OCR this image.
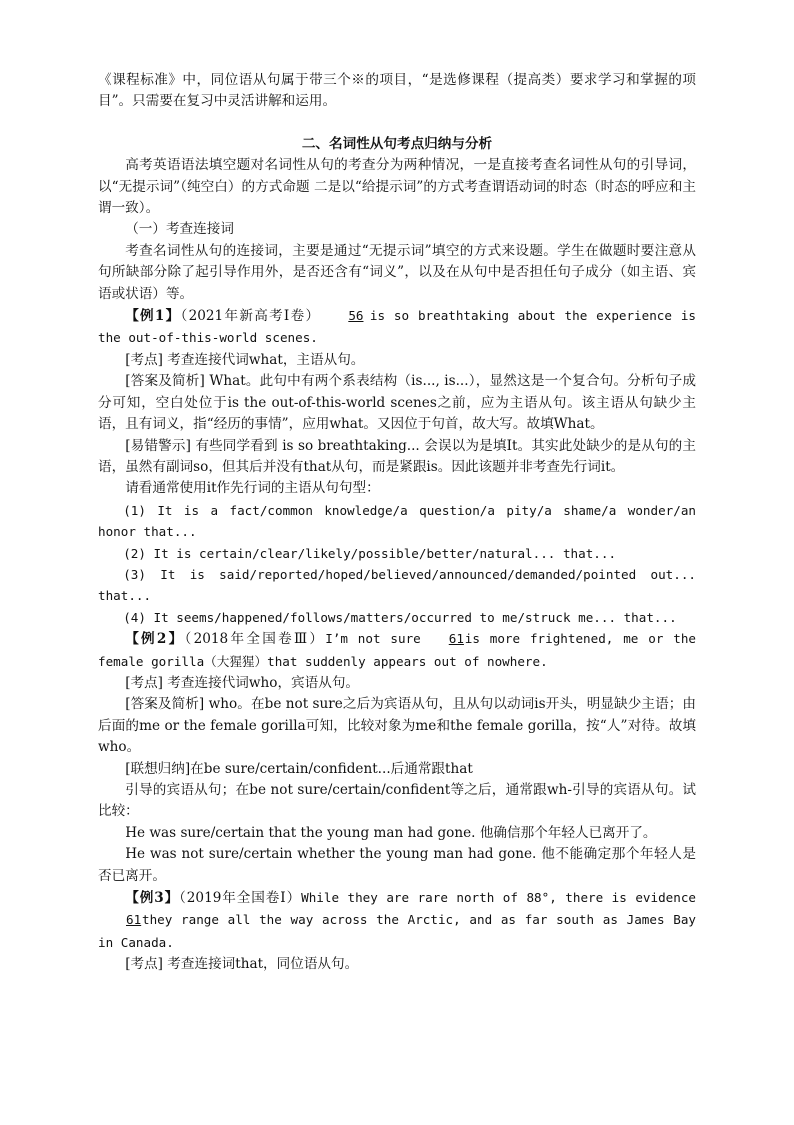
《课程标准》中，同位语从句属于带三个※的项目，“是选修课程（提高类）要求学习和掌握的项目”。只需要在复习中灵活讲解和运用。

二、名词性从句考点归纳与分析

高考英语语法填空题对名词性从句的考查分为两种情况，一是直接考查名词性从句的引导词，以“无提示词”（纯空白）的方式命题 二是以“给提示词”的方式考查谓语动词的时态（时态的呼应和主谓一致）。

（一）考查连接词

考查名词性从句的连接词，主要是通过“无提示词”填空的方式来设题。学生在做题时要注意从句所缺部分除了起引导作用外，是否还含有“词义”，以及在从句中是否担任句子成分（如主语、宾语或状语）等。

【例1】（2021年新高考Ⅰ卷） 56 is so breathtaking about the experience is the out-of-this-world scenes.

[考点] 考查连接代词what，主语从句。

[答案及简析] What。此句中有两个系表结构（is..., is...），显然这是一个复合句。分析句子成分可知，空白处位于is the out-of-this-world scenes之前，应为主语从句。该主语从句缺少主语，且有词义，指“经历的事情”，应用what。又因位于句首，故大写。故填What。

[易错警示] 有些同学看到 is so breathtaking... 会误以为是填It。其实此处缺少的是从句的主语，虽然有副词so，但其后并没有that从句，而是紧跟is。因此该题并非考查先行词it。

请看通常使用it作先行词的主语从句句型：

(1) It is a fact/common knowledge/a question/a pity/a shame/a wonder/an honor that...

(2) It is certain/clear/likely/possible/better/natural... that...

(3) It is said/reported/hoped/believed/announced/demanded/pointed out... that...

(4) It seems/happened/follows/matters/occurred to me/struck me... that...

【例2】（2018年全国卷Ⅲ）I’m not sure 61is more frightened, me or the female gorilla（大猩猩）that suddenly appears out of nowhere.

[考点] 考查连接代词who，宾语从句。

[答案及简析] who。在be not sure之后为宾语从句，且从句以动词is开头，明显缺少主语；由后面的me or the female gorilla可知，比较对象为me和the female gorilla，按“人”对待。故填who。

[联想归纳]在be sure/certain/confident...后通常跟that

引导的宾语从句；在be not sure/certain/confident等之后，通常跟wh-引导的宾语从句。试比较：

He was sure/certain that the young man had gone. 他确信那个年轻人已离开了。

He was not sure/certain whether the young man had gone. 他不能确定那个年轻人是否已离开。

【例3】（2019年全国卷Ⅰ）While they are rare north of 88°, there is evidence61they range all the way across the Arctic, and as far south as James Bay in Canada.

[考点] 考查连接词that，同位语从句。
